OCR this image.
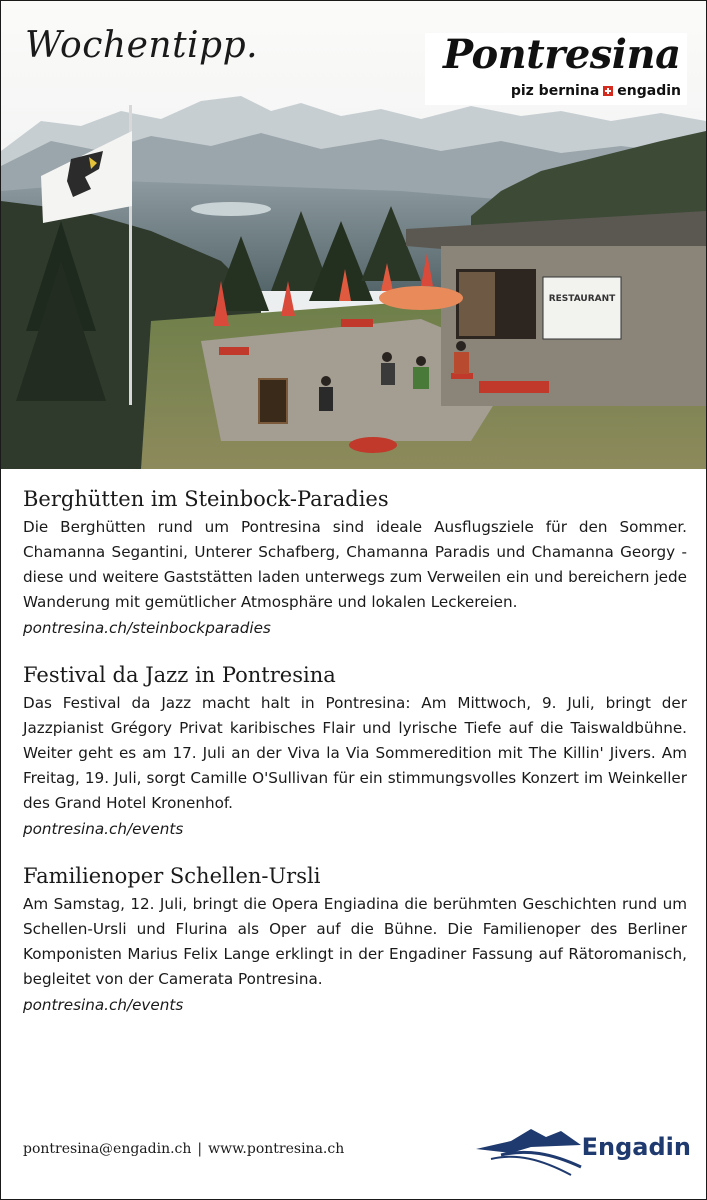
RESTAURANT
Wochentipp.	Pontresina
piz bernina engadin
Berghütten im Steinbock-Paradies

Die Berghütten rund um Pontresina sind ideale Ausflugsziele für den Sommer. Chamanna Segantini, Unterer Schafberg, Chamanna Paradis und Chamanna Georgy - diese und weitere Gaststätten laden unterwegs zum Verweilen ein und bereichern jede Wanderung mit gemütlicher Atmosphäre und lokalen Leckereien.

pontresina.ch/steinbockparadies
Festival da Jazz in Pontresina

Das Festival da Jazz macht halt in Pontresina: Am Mittwoch, 9. Juli, bringt der Jazzpianist Grégory Privat karibisches Flair und lyrische Tiefe auf die Taiswaldbühne. Weiter geht es am 17. Juli an der Viva la Via Sommeredition mit The Killin' Jivers. Am Freitag, 19. Juli, sorgt Camille O'Sullivan für ein stimmungsvolles Konzert im Weinkeller des Grand Hotel Kronenhof.

pontresina.ch/events
Familienoper Schellen-Ursli

Am Samstag, 12. Juli, bringt die Opera Engiadina die berühmten Geschichten rund um Schellen-Ursli und Flurina als Oper auf die Bühne. Die Familienoper des Berliner Komponisten Marius Felix Lange erklingt in der Engadiner Fassung auf Rätoromanisch, begleitet von der Camerata Pontresina.

pontresina.ch/events
pontresina@engadin.ch | www.pontresina.ch	Engadin
